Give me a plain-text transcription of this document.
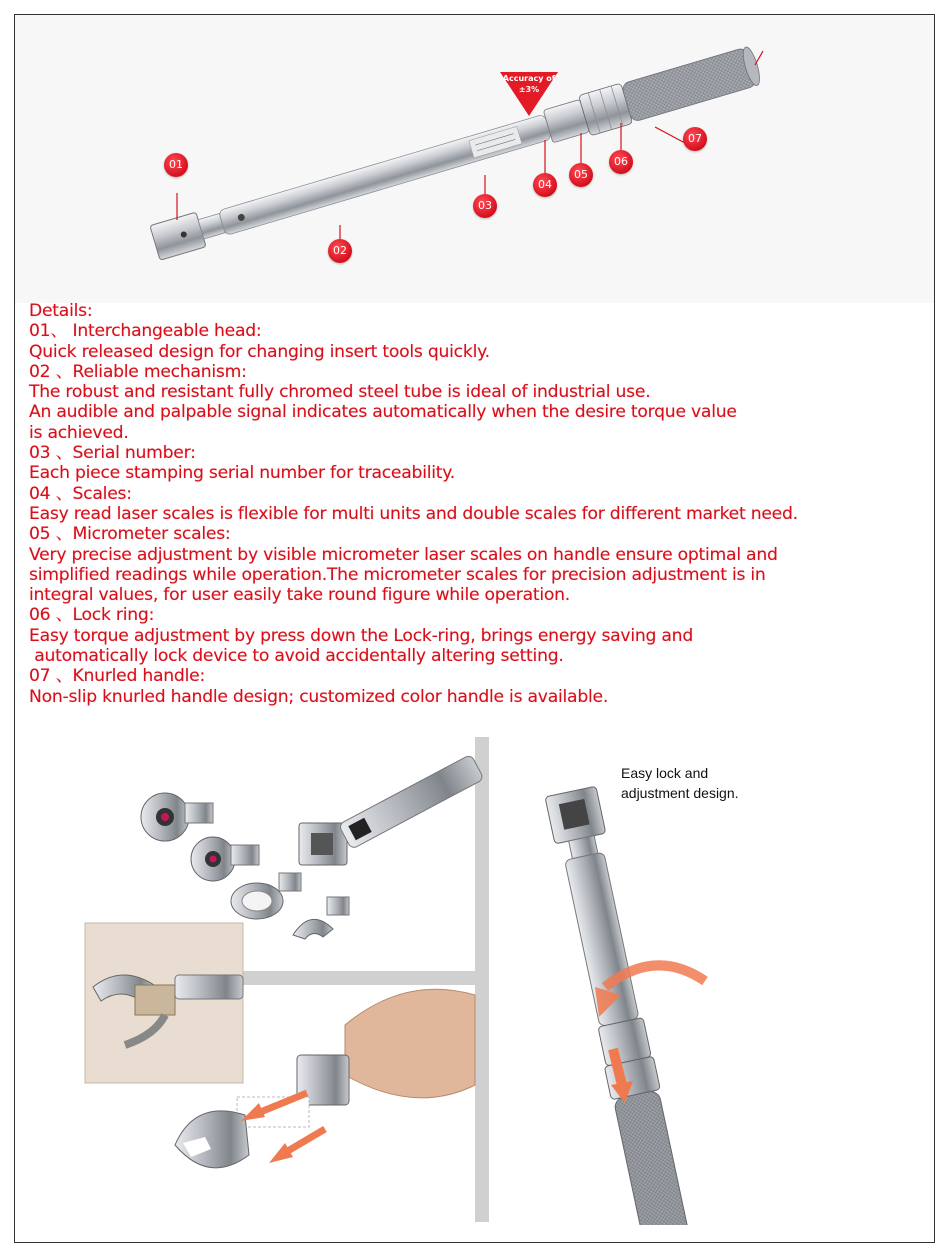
Accuracy of
±3%
01
02
03
04
05
06
07
Details:
01、 Interchangeable head:
Quick released design for changing insert tools quickly.
02 、Reliable mechanism:
The robust and resistant fully chromed steel tube is ideal of industrial use.
An audible and palpable signal indicates automatically when the desire torque value
is achieved.
03 、Serial number:
Each piece stamping serial number for traceability.
04 、Scales:
Easy read laser scales is flexible for multi units and double scales for different market need.
05 、Micrometer scales:
Very precise adjustment by visible micrometer laser scales on handle ensure optimal and
simplified readings while operation.The micrometer scales for precision adjustment is in
integral values, for user easily take round figure while operation.
06 、Lock ring:
Easy torque adjustment by press down the Lock-ring, brings energy saving and
automatically lock device to avoid accidentally altering setting.
07 、Knurled handle:
Non-slip knurled handle design; customized color handle is available.
Easy lock and
adjustment design.
